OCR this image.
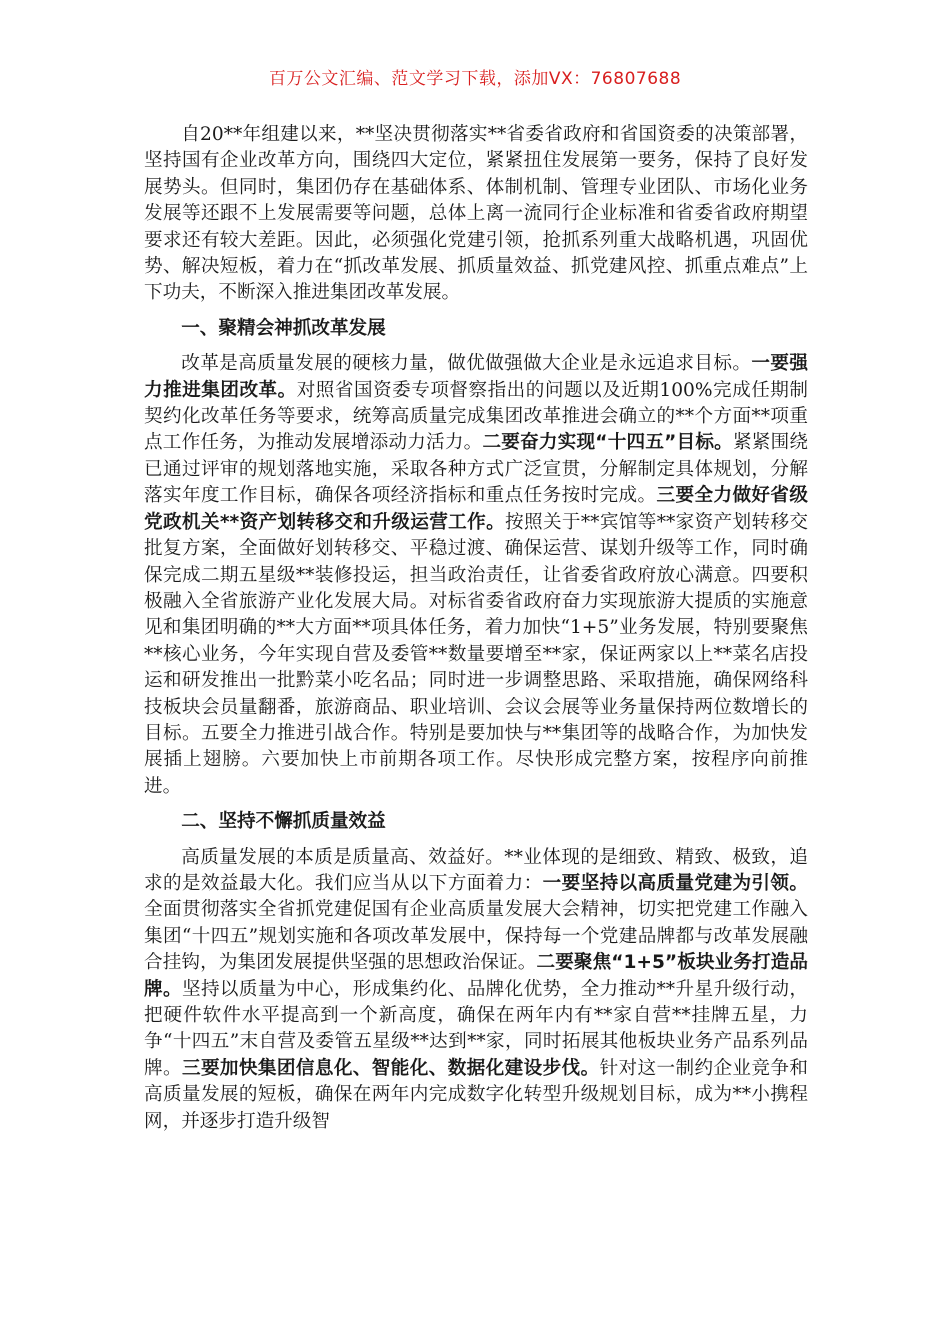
百万公文汇编、范文学习下载，添加VX：76807688

自20**年组建以来，**坚决贯彻落实**省委省政府和省国资委的决策部署，坚持国有企业改革方向，围绕四大定位，紧紧扭住发展第一要务，保持了良好发展势头。但同时，集团仍存在基础体系、体制机制、管理专业团队、市场化业务发展等还跟不上发展需要等问题，总体上离一流同行企业标准和省委省政府期望要求还有较大差距。因此，必须强化党建引领，抢抓系列重大战略机遇，巩固优势、解决短板，着力在“抓改革发展、抓质量效益、抓党建风控、抓重点难点”上下功夫，不断深入推进集团改革发展。

一、聚精会神抓改革发展

改革是高质量发展的硬核力量，做优做强做大企业是永远追求目标。一要强力推进集团改革。对照省国资委专项督察指出的问题以及近期100%完成任期制契约化改革任务等要求，统筹高质量完成集团改革推进会确立的**个方面**项重点工作任务，为推动发展增添动力活力。二要奋力实现“十四五”目标。紧紧围绕已通过评审的规划落地实施，采取各种方式广泛宣贯，分解制定具体规划，分解落实年度工作目标，确保各项经济指标和重点任务按时完成。三要全力做好省级党政机关**资产划转移交和升级运营工作。按照关于**宾馆等**家资产划转移交批复方案，全面做好划转移交、平稳过渡、确保运营、谋划升级等工作，同时确保完成二期五星级**装修投运，担当政治责任，让省委省政府放心满意。四要积极融入全省旅游产业化发展大局。对标省委省政府奋力实现旅游大提质的实施意见和集团明确的**大方面**项具体任务，着力加快“1+5”业务发展，特别要聚焦**核心业务，今年实现自营及委管**数量要增至**家，保证两家以上**菜名店投运和研发推出一批黔菜小吃名品；同时进一步调整思路、采取措施，确保网络科技板块会员量翻番，旅游商品、职业培训、会议会展等业务量保持两位数增长的目标。五要全力推进引战合作。特别是要加快与**集团等的战略合作，为加快发展插上翅膀。六要加快上市前期各项工作。尽快形成完整方案，按程序向前推进。

二、坚持不懈抓质量效益

高质量发展的本质是质量高、效益好。**业体现的是细致、精致、极致，追求的是效益最大化。我们应当从以下方面着力：一要坚持以高质量党建为引领。全面贯彻落实全省抓党建促国有企业高质量发展大会精神，切实把党建工作融入集团“十四五”规划实施和各项改革发展中，保持每一个党建品牌都与改革发展融合挂钩，为集团发展提供坚强的思想政治保证。二要聚焦“1+5”板块业务打造品牌。坚持以质量为中心，形成集约化、品牌化优势，全力推动**升星升级行动，把硬件软件水平提高到一个新高度，确保在两年内有**家自营**挂牌五星，力争“十四五”末自营及委管五星级**达到**家，同时拓展其他板块业务产品系列品牌。三要加快集团信息化、智能化、数据化建设步伐。针对这一制约企业竞争和高质量发展的短板，确保在两年内完成数字化转型升级规划目标，成为**小携程网，并逐步打造升级智
